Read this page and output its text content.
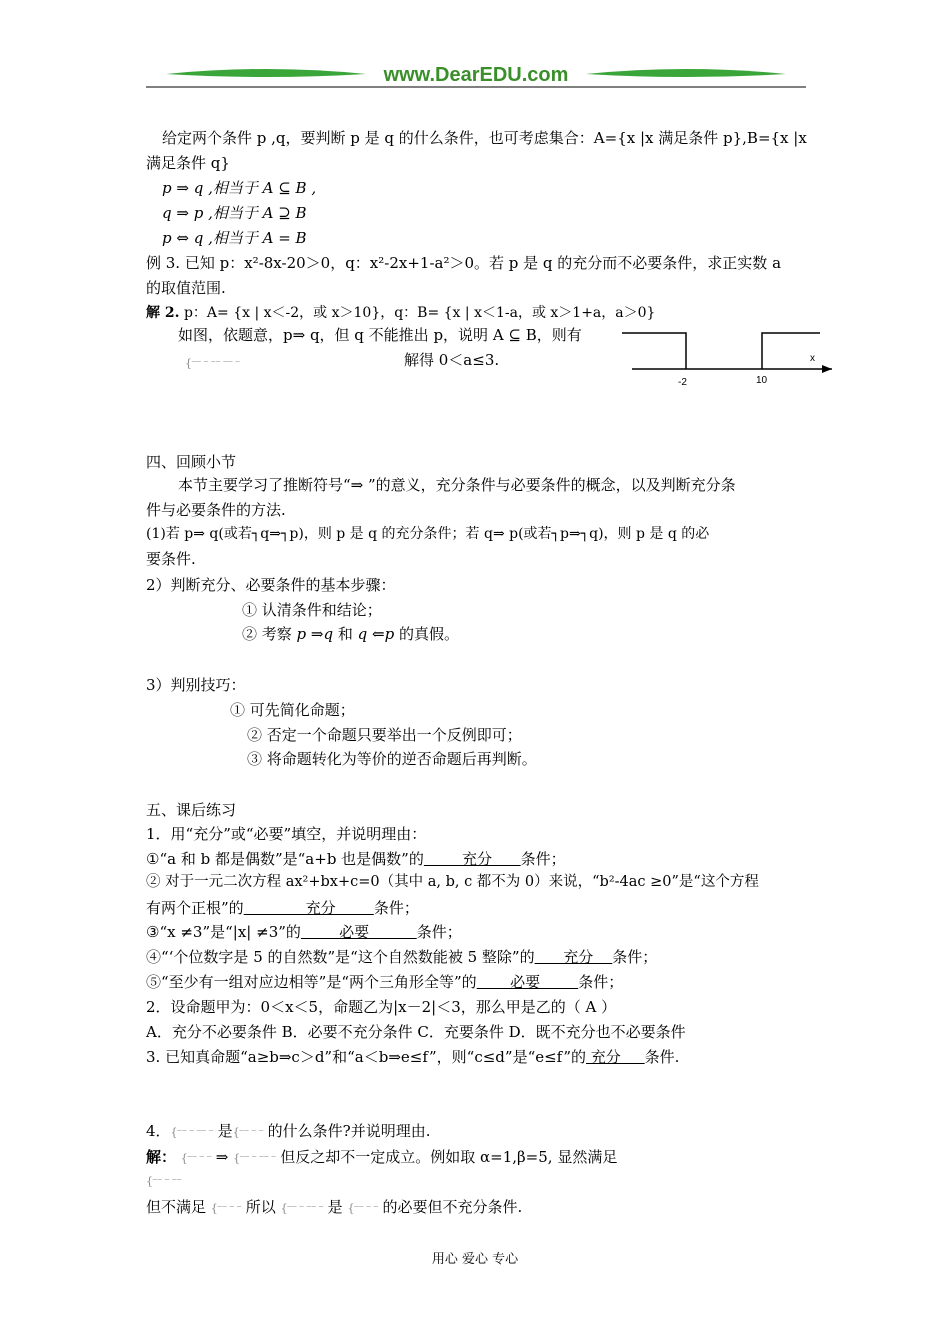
www.DearEDU.com
给定两个条件 p ,q，要判断 p 是 q 的什么条件，也可考虑集合：A={x |x 满足条件 p},B={x |x
满足条件 q}
p ⇒ q ,相当于 A ⊆ B ,
q ⇒ p ,相当于 A ⊇ B
p ⇔ q ,相当于 A = B
例 3. 已知 p：x²-8x-20＞0，q：x²-2x+1-a²＞0。若 p 是 q 的充分而不必要条件，求正实数 a
的取值范围.
解 2. p：A= {x | x＜-2，或 x＞10}，q：B= {x | x＜1-a，或 x＞1+a，a＞0}
如图，依题意，p⇒ q，但 q 不能推出 p，说明 A ⊆ B，则有
{⁻⁻ ⁻ ⁻⁻ ⁻⁻ ⁻	解得 0＜a≤3.	x
-2	10
四、回顾小节
本节主要学习了推断符号“⇒ ”的意义，充分条件与必要条件的概念，以及判断充分条
件与必要条件的方法.
(1)若 p⇒ q(或若┐q⇒┐p)，则 p 是 q 的充分条件；若 q⇒ p(或若┐p⇒┐q)，则 p 是 q 的必
要条件.
2）判断充分、必要条件的基本步骤：
① 认清条件和结论；
② 考察 p ⇒q 和 q ⇐p 的真假。
3）判别技巧：
① 可先简化命题；
② 否定一个命题只要举出一个反例即可；
③ 将命题转化为等价的逆否命题后再判断。
五、课后练习
1．用“充分”或“必要”填空，并说明理由：
①“a 和 b 都是偶数”是“a+b 也是偶数”的        充分      条件；
② 对于一元二次方程 ax²+bx+c=0（其中 a, b, c 都不为 0）来说，“b²-4ac ≥0”是“这个方程
有两个正根”的             充分        条件；
③“x ≠3”是“|x| ≠3”的        必要          条件；
④“‘个位数字是 5 的自然数”是“这个自然数能被 5 整除”的      充分    条件；
⑤“至少有一组对应边相等”是“两个三角形全等”的       必要        条件；
2．设命题甲为：0＜x＜5，命题乙为|x－2|＜3，那么甲是乙的（ A ）
A．充分不必要条件 B．必要不充分条件 C．充要条件 D．既不充分也不必要条件
3. 已知真命题“a≥b⇒c＞d”和“a＜b⇒e≤f”，则“c≤d”是“e≤f”的 充分     条件.
4．{⁻⁻ ⁻ ⁻⁻ ⁻ 是{⁻⁻ ⁻ ⁻ 的什么条件?并说明理由.
解： {⁻⁻ ⁻ ⁻ ⇒ {⁻⁻ ⁻ ⁻⁻ ⁻ 但反之却不一定成立。例如取 α=1,β=5, 显然满足
{⁻⁻ ⁻ ⁻⁻
但不满足 {⁻⁻ ⁻ ⁻ 所以 {⁻⁻ ⁻ ⁻⁻ ⁻ 是 {⁻⁻ ⁻ ⁻ 的必要但不充分条件.
用心 爱心 专心
